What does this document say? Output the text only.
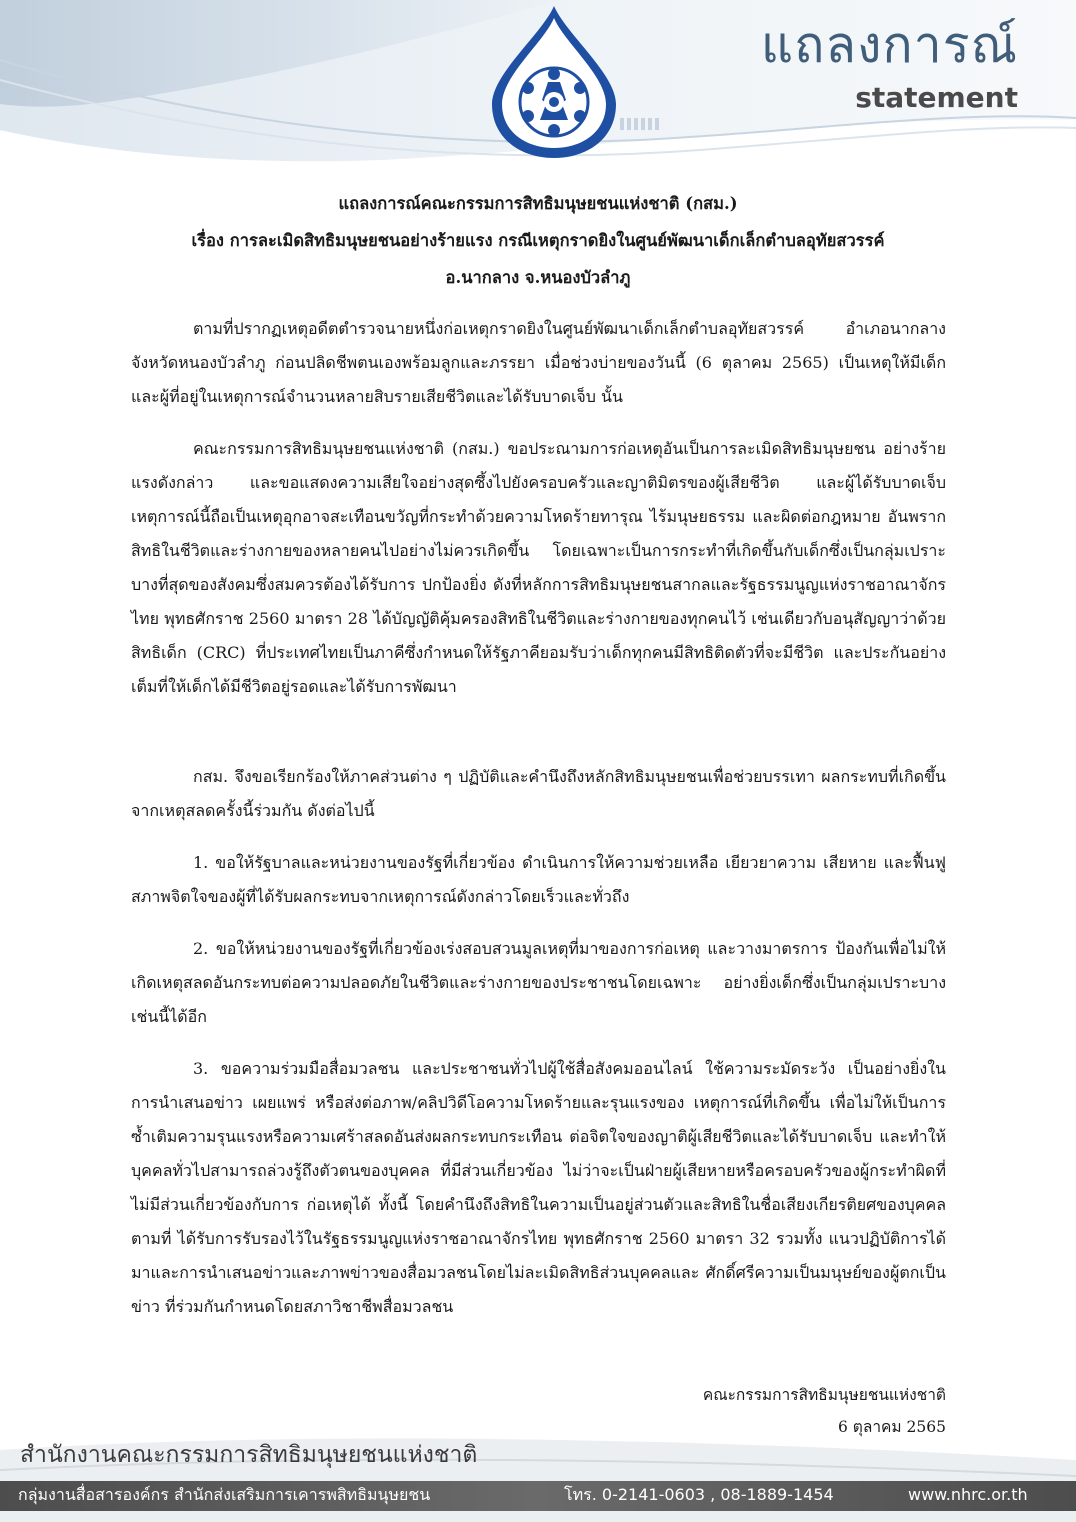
แถลงการณ์
statement
แถลงการณ์คณะกรรมการสิทธิมนุษยชนแห่งชาติ (กสม.)
เรื่อง การละเมิดสิทธิมนุษยชนอย่างร้ายแรง กรณีเหตุกราดยิงในศูนย์พัฒนาเด็กเล็กตำบลอุทัยสวรรค์
อ.นากลาง จ.หนองบัวลำภู

ตามที่ปรากฏเหตุอดีตตำรวจนายหนึ่งก่อเหตุกราดยิงในศูนย์พัฒนาเด็กเล็กตำบลอุทัยสวรรค์ อำเภอนากลาง จังหวัดหนองบัวลำภู ก่อนปลิดชีพตนเองพร้อมลูกและภรรยา เมื่อช่วงบ่ายของวันนี้ (6 ตุลาคม 2565) เป็นเหตุให้มีเด็ก และผู้ที่อยู่ในเหตุการณ์จำนวนหลายสิบรายเสียชีวิตและได้รับบาดเจ็บ นั้น

คณะกรรมการสิทธิมนุษยชนแห่งชาติ (กสม.) ขอประณามการก่อเหตุอันเป็นการละเมิดสิทธิมนุษยชน อย่างร้ายแรงดังกล่าว และขอแสดงความเสียใจอย่างสุดซึ้งไปยังครอบครัวและญาติมิตรของผู้เสียชีวิต และผู้ได้รับบาดเจ็บ เหตุการณ์นี้ถือเป็นเหตุอุกอาจสะเทือนขวัญที่กระทำด้วยความโหดร้ายทารุณ ไร้มนุษยธรรม และผิดต่อกฎหมาย อันพรากสิทธิในชีวิตและร่างกายของหลายคนไปอย่างไม่ควรเกิดขึ้น โดยเฉพาะเป็นการกระทำที่เกิดขึ้นกับเด็กซึ่งเป็นกลุ่มเปราะบางที่สุดของสังคมซึ่งสมควรต้องได้รับการ ปกป้องยิ่ง ดังที่หลักการสิทธิมนุษยชนสากลและรัฐธรรมนูญแห่งราชอาณาจักรไทย พุทธศักราช 2560 มาตรา 28 ได้บัญญัติคุ้มครองสิทธิในชีวิตและร่างกายของทุกคนไว้ เช่นเดียวกับอนุสัญญาว่าด้วย สิทธิเด็ก (CRC) ที่ประเทศไทยเป็นภาคีซึ่งกำหนดให้รัฐภาคียอมรับว่าเด็กทุกคนมีสิทธิติดตัวที่จะมีชีวิต และประกันอย่างเต็มที่ให้เด็กได้มีชีวิตอยู่รอดและได้รับการพัฒนา

กสม. จึงขอเรียกร้องให้ภาคส่วนต่าง ๆ ปฏิบัติและคำนึงถึงหลักสิทธิมนุษยชนเพื่อช่วยบรรเทา ผลกระทบที่เกิดขึ้นจากเหตุสลดครั้งนี้ร่วมกัน ดังต่อไปนี้

1. ขอให้รัฐบาลและหน่วยงานของรัฐที่เกี่ยวข้อง ดำเนินการให้ความช่วยเหลือ เยียวยาความ เสียหาย และฟื้นฟูสภาพจิตใจของผู้ที่ได้รับผลกระทบจากเหตุการณ์ดังกล่าวโดยเร็วและทั่วถึง

2. ขอให้หน่วยงานของรัฐที่เกี่ยวข้องเร่งสอบสวนมูลเหตุที่มาของการก่อเหตุ และวางมาตรการ ป้องกันเพื่อไม่ให้เกิดเหตุสลดอันกระทบต่อความปลอดภัยในชีวิตและร่างกายของประชาชนโดยเฉพาะ อย่างยิ่งเด็กซึ่งเป็นกลุ่มเปราะบางเช่นนี้ได้อีก

3. ขอความร่วมมือสื่อมวลชน และประชาชนทั่วไปผู้ใช้สื่อสังคมออนไลน์ ใช้ความระมัดระวัง เป็นอย่างยิ่งในการนำเสนอข่าว เผยแพร่ หรือส่งต่อภาพ/คลิปวิดีโอความโหดร้ายและรุนแรงของ เหตุการณ์ที่เกิดขึ้น เพื่อไม่ให้เป็นการซ้ำเติมความรุนแรงหรือความเศร้าสลดอันส่งผลกระทบกระเทือน ต่อจิตใจของญาติผู้เสียชีวิตและได้รับบาดเจ็บ และทำให้บุคคลทั่วไปสามารถล่วงรู้ถึงตัวตนของบุคคล ที่มีส่วนเกี่ยวข้อง ไม่ว่าจะเป็นฝ่ายผู้เสียหายหรือครอบครัวของผู้กระทำผิดที่ไม่มีส่วนเกี่ยวข้องกับการ ก่อเหตุได้ ทั้งนี้ โดยคำนึงถึงสิทธิในความเป็นอยู่ส่วนตัวและสิทธิในชื่อเสียงเกียรติยศของบุคคลตามที่ ได้รับการรับรองไว้ในรัฐธรรมนูญแห่งราชอาณาจักรไทย พุทธศักราช 2560 มาตรา 32 รวมทั้ง แนวปฏิบัติการได้มาและการนำเสนอข่าวและภาพข่าวของสื่อมวลชนโดยไม่ละเมิดสิทธิส่วนบุคคลและ ศักดิ์ศรีความเป็นมนุษย์ของผู้ตกเป็นข่าว ที่ร่วมกันกำหนดโดยสภาวิชาชีพสื่อมวลชน

คณะกรรมการสิทธิมนุษยชนแห่งชาติ
6 ตุลาคม 2565
สำนักงานคณะกรรมการสิทธิมนุษยชนแห่งชาติ
กลุ่มงานสื่อสารองค์กร สำนักส่งเสริมการเคารพสิทธิมนุษยชน	โทร. 0-2141-0603 , 08-1889-1454	www.nhrc.or.th
